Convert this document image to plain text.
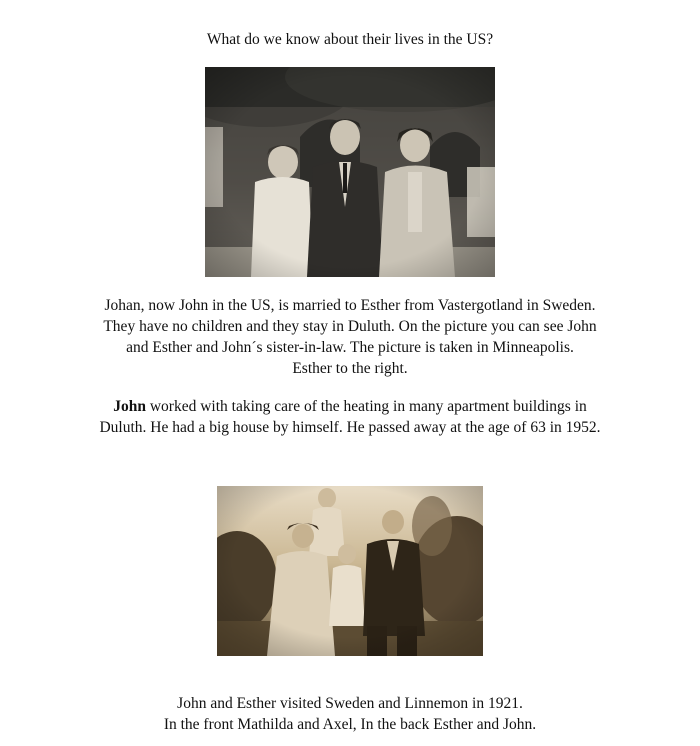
What do we know about their lives in the US?
Johan, now John in the US, is married to Esther from Vastergotland in Sweden.
They have no children and they stay in Duluth. On the picture you can see John
and Esther and John´s sister-in-law. The picture is taken in Minneapolis.
Esther to the right.
John worked with taking care of the heating in many apartment buildings in
Duluth. He had a big house by himself. He passed away at the age of 63 in 1952.
John and Esther visited Sweden and Linnemon in 1921.
In the front Mathilda and Axel, In the back Esther and John.
